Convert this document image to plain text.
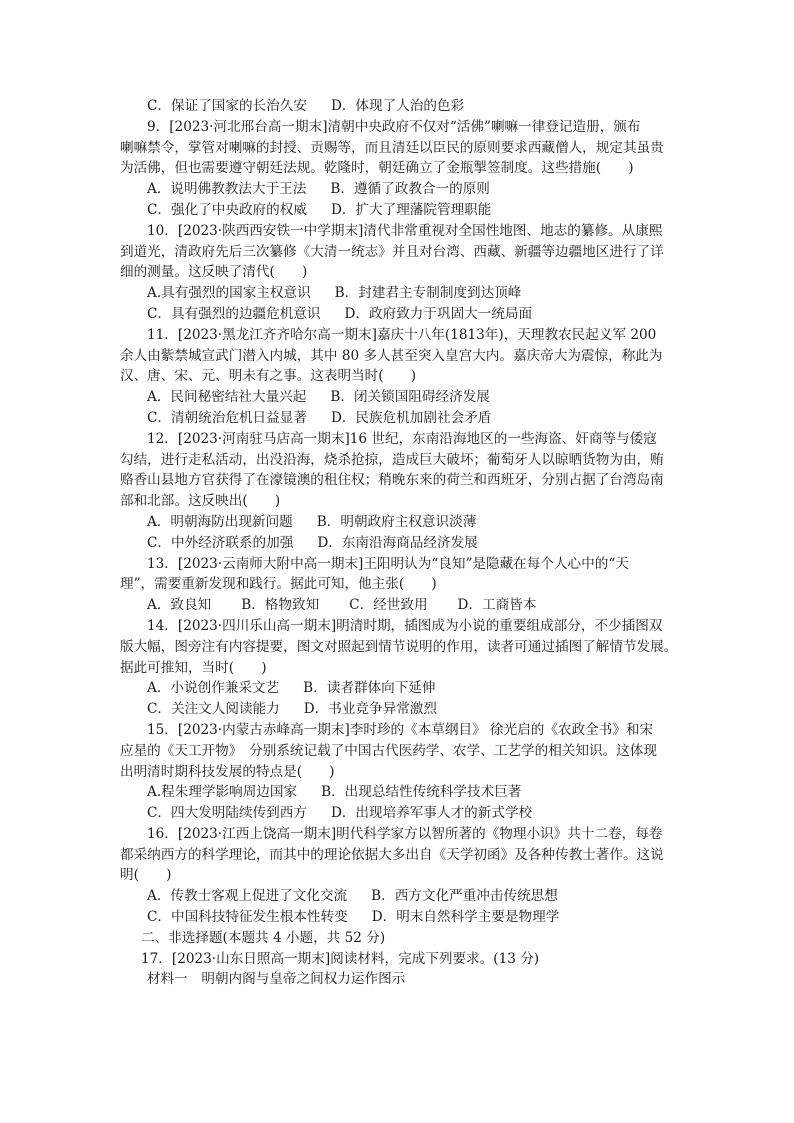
C．保证了国家的长治久安 D．体现了人治的色彩
9．[2023·河北邢台高一期末]清朝中央政府不仅对“活佛”喇嘛一律登记造册，颁布
喇嘛禁令，掌管对喇嘛的封授、贡赐等，而且清廷以臣民的原则要求西藏僧人，规定其虽贵
为活佛，但也需要遵守朝廷法规。乾隆时，朝廷确立了金瓶掣签制度。这些措施(　　)
A．说明佛教教法大于王法 B．遵循了政教合一的原则
C．强化了中央政府的权威 D．扩大了理藩院管理职能
10．[2023·陕西西安铁一中学期末]清代非常重视对全国性地图、地志的纂修。从康熙
到道光，清政府先后三次纂修《大清一统志》并且对台湾、西藏、新疆等边疆地区进行了详
细的测量。这反映了清代(　　)
A.具有强烈的国家主权意识 B．封建君主专制制度到达顶峰
C．具有强烈的边疆危机意识 D．政府致力于巩固大一统局面
11．[2023·黑龙江齐齐哈尔高一期末]嘉庆十八年(1813年)，天理教农民起义军 200
余人由紫禁城宣武门潜入内城，其中 80 多人甚至突入皇宫大内。嘉庆帝大为震惊，称此为
汉、唐、宋、元、明未有之事。这表明当时(　　)
A．民间秘密结社大量兴起 B．闭关锁国阻碍经济发展
C．清朝统治危机日益显著 D．民族危机加剧社会矛盾
12．[2023·河南驻马店高一期末]16 世纪，东南沿海地区的一些海盗、奸商等与倭寇
勾结，进行走私活动，出没沿海，烧杀抢掠，造成巨大破坏；葡萄牙人以晾晒货物为由，贿
赂香山县地方官获得了在濠镜澳的租住权；稍晚东来的荷兰和西班牙，分别占据了台湾岛南
部和北部。这反映出(　　)
A．明朝海防出现新问题 B．明朝政府主权意识淡薄
C．中外经济联系的加强 D．东南沿海商品经济发展
13．[2023·云南师大附中高一期末]王阳明认为“良知”是隐藏在每个人心中的“天
理”，需要重新发现和践行。据此可知，他主张(　　)
A．致良知 B．格物致知 C．经世致用 D．工商皆本
14．[2023·四川乐山高一期末]明清时期，插图成为小说的重要组成部分，不少插图双
版大幅，图旁注有内容提要，图文对照起到情节说明的作用，读者可通过插图了解情节发展。
据此可推知，当时(　　)
A．小说创作兼采文艺 B．读者群体向下延伸
C．关注文人阅读能力 D．书业竞争异常激烈
15．[2023·内蒙古赤峰高一期末]李时珍的《本草纲目》 徐光启的《农政全书》和宋
应星的《天工开物》　分别系统记载了中国古代医药学、农学、工艺学的相关知识。这体现
出明清时期科技发展的特点是(　　)
A.程朱理学影响周边国家 B．出现总结性传统科学技术巨著
C．四大发明陆续传到西方 D．出现培养军事人才的新式学校
16．[2023·江西上饶高一期末]明代科学家方以智所著的《物理小识》共十二卷，每卷
都采纳西方的科学理论，而其中的理论依据大多出自《天学初函》及各种传教士著作。这说
明(　　)
A．传教士客观上促进了文化交流 B．西方文化严重冲击传统思想
C．中国科技特征发生根本性转变 D．明末自然科学主要是物理学
二、非选择题(本题共 4 小题，共 52 分)
17．[2023·山东日照高一期末]阅读材料，完成下列要求。(13 分)
材料一　明朝内阁与皇帝之间权力运作图示
